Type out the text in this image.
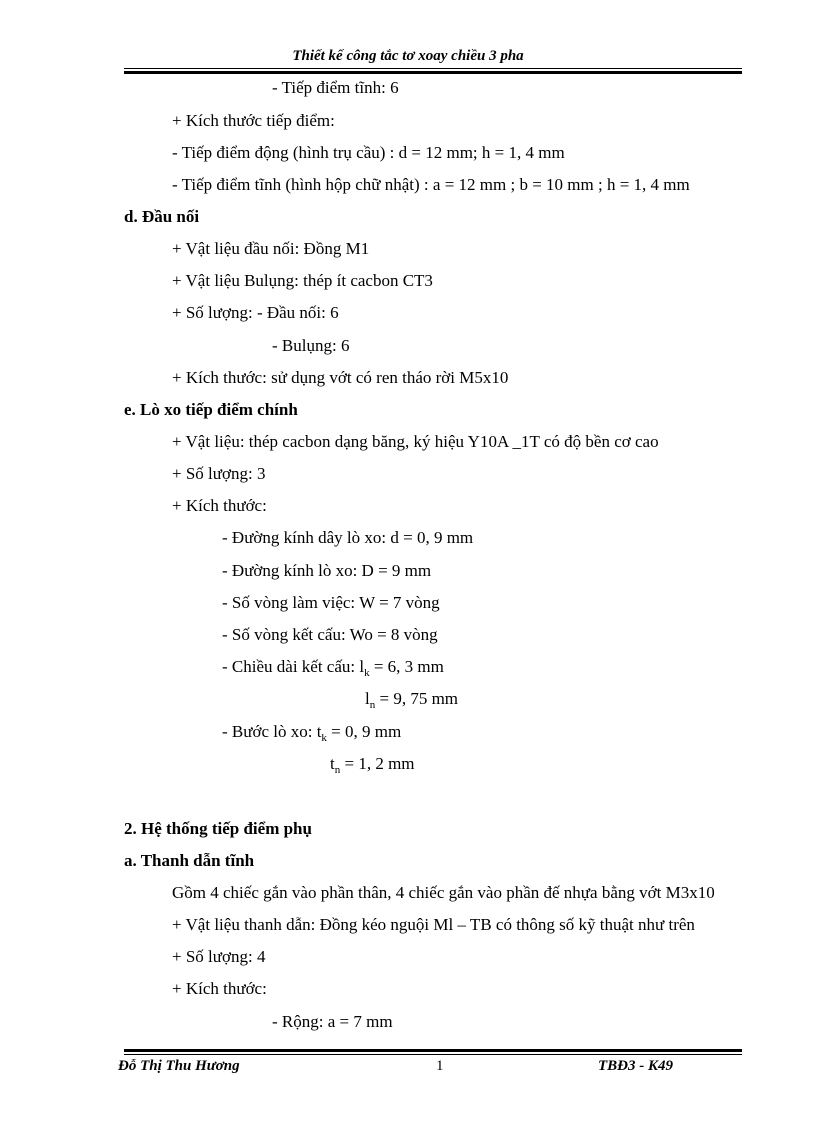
Thiết kế công tắc tơ xoay chiều 3 pha
- Tiếp điểm tĩnh: 6
+ Kích thước tiếp điểm:
- Tiếp điểm động (hình trụ cầu) : d = 12 mm; h = 1, 4 mm
- Tiếp điểm tĩnh (hình hộp chữ nhật) : a = 12 mm ; b = 10 mm ; h = 1, 4 mm
d. Đầu nối
+ Vật liệu đầu nối: Đồng M1
+ Vật liệu Bulụng: thép ít cacbon CT3
+ Số lượng: - Đầu nối: 6
- Bulụng: 6
+ Kích thước: sử dụng vớt có ren tháo rời M5x10
e. Lò xo tiếp điểm chính
+ Vật liệu: thép cacbon dạng băng, ký hiệu Y10A _1T có độ bền cơ cao
+ Số lượng: 3
+ Kích thước:
- Đường kính dây lò xo: d = 0, 9 mm
- Đường kính lò xo: D = 9 mm
- Số vòng làm việc: W = 7 vòng
- Số vòng kết cấu: Wo = 8 vòng
- Chiều dài kết cấu: $l_k = 6$, 3 mm
$l_n = 9$, 75 mm
- Bước lò xo: $t_k = 0$, 9 mm
$t_n = 1$, 2 mm
2. Hệ thống tiếp điểm phụ
a. Thanh dẫn tĩnh
Gồm 4 chiếc gắn vào phần thân, 4 chiếc gắn vào phần đế nhựa bằng vớt M3x10
+ Vật liệu thanh dẫn: Đồng kéo nguội Ml – TB có thông số kỹ thuật như trên
+ Số lượng: 4
+ Kích thước:
- Rộng: a = 7 mm
Đỗ Thị Thu Hương	1	TBĐ3 - K49
